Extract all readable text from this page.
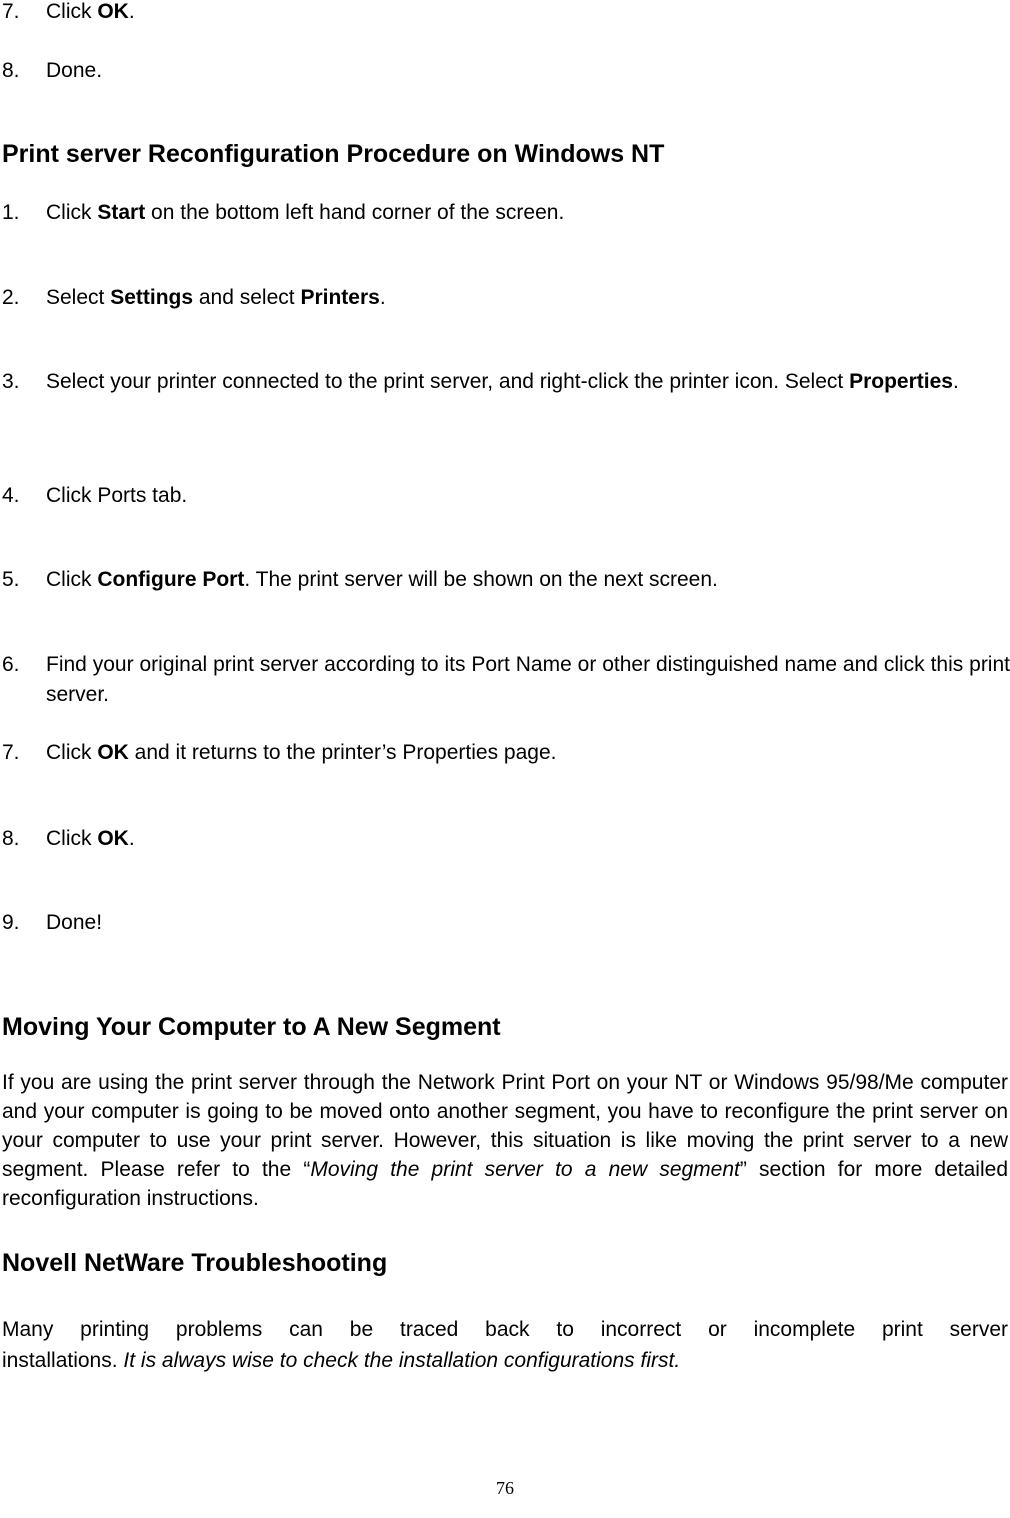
7. Click OK.
8. Done.
Print server Reconfiguration Procedure on Windows NT
1. Click Start on the bottom left hand corner of the screen.
2. Select Settings and select Printers.
3. Select your printer connected to the print server, and right-click the printer icon. Select Properties.
4. Click Ports tab.
5. Click Configure Port. The print server will be shown on the next screen.
6. Find your original print server according to its Port Name or other distinguished name and click this print server.
7. Click OK and it returns to the printer’s Properties page.
8. Click OK.
9. Done!
Moving Your Computer to A New Segment

If you are using the print server through the Network Print Port on your NT or Windows 95/98/Me computer and your computer is going to be moved onto another segment, you have to reconfigure the print server on your computer to use your print server. However, this situation is like moving the print server to a new segment. Please refer to the “Moving the print server to a new segment” section for more detailed reconfiguration instructions.

Novell NetWare Troubleshooting

Many printing problems can be traced back to incorrect or incomplete print server

installations. It is always wise to check the installation configurations first.

76
